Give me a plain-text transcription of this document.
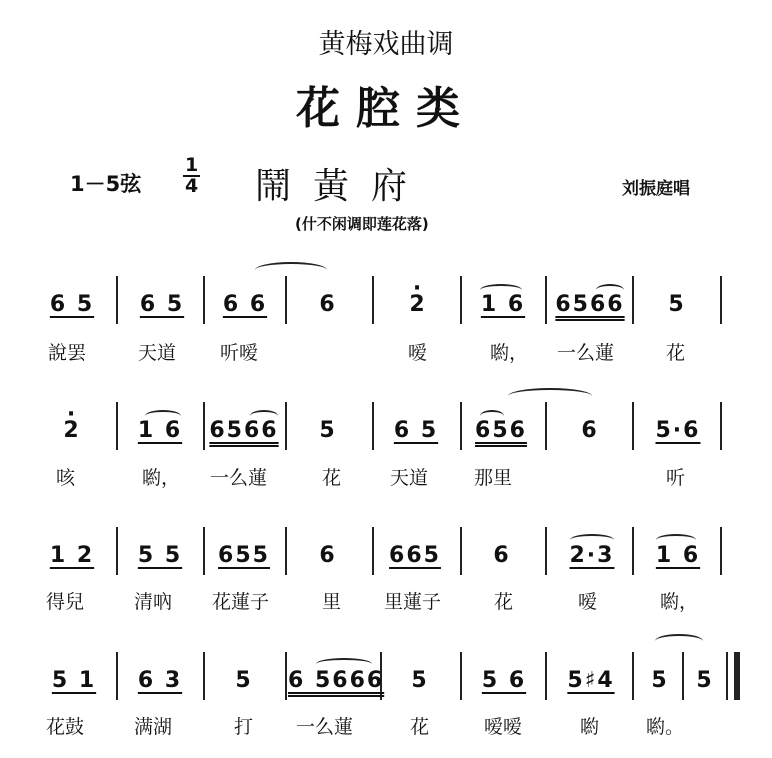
黄梅戏曲调
花腔类
1－5弦 $\frac{1}{4}$ 鬧黃府	刘振庭唱
(什不闲调即莲花落)
6 5 6 5 6 6	6
·	2	1 6	6566	5
說罢	天道 听嗳	嗳	喲， 一么蓮	花
· 2	1 6	6566	5	6 5 656	6	5·6
咳	喲， 一么蓮	花	天道 那里	听
1 2	5 5	655	6	665	6	2·3	1 6
得兒	清吶 花蓮子	里 里蓮子	花	嗳	喲，
5 1	6 3	5	6 5666	5	5 6	5♯4	5	5
花鼓	满湖	打 一么蓮	花	嗳嗳	喲 喲。
